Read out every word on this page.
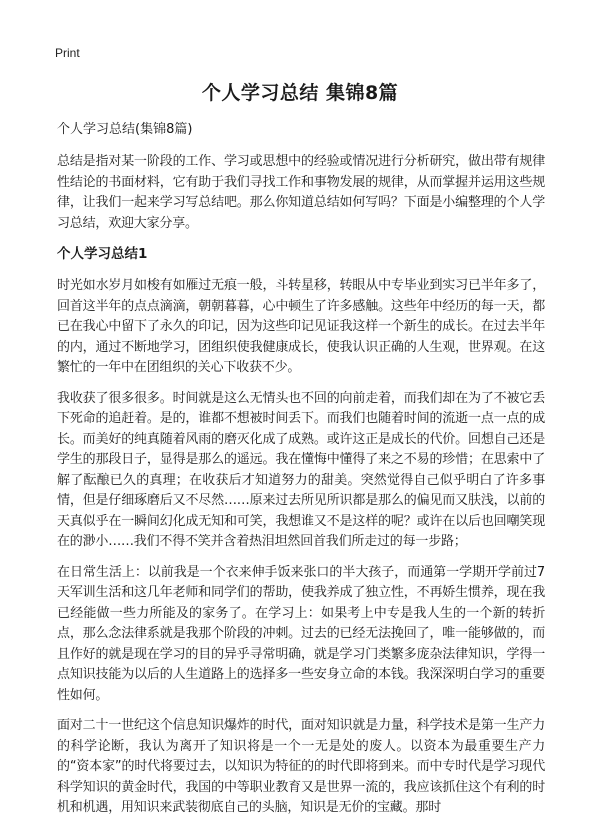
Print
个人学习总结 集锦8篇

个人学习总结(集锦8篇)

总结是指对某一阶段的工作、学习或思想中的经验或情况进行分析研究，做出带有规律性结论的书面材料，它有助于我们寻找工作和事物发展的规律，从而掌握并运用这些规律，让我们一起来学习写总结吧。那么你知道总结如何写吗？下面是小编整理的个人学习总结，欢迎大家分享。

个人学习总结1

时光如水岁月如梭有如雁过无痕一般，斗转星移，转眼从中专毕业到实习已半年多了，回首这半年的点点滴滴，朝朝暮暮，心中顿生了许多感触。这些年中经历的每一天，都已在我心中留下了永久的印记，因为这些印记见证我这样一个新生的成长。在过去半年的内，通过不断地学习，团组织使我健康成长，使我认识正确的人生观，世界观。在这繁忙的一年中在团组织的关心下收获不少。

我收获了很多很多。时间就是这么无情头也不回的向前走着，而我们却在为了不被它丢下死命的追赶着。是的，谁都不想被时间丢下。而我们也随着时间的流逝一点一点的成长。而美好的纯真随着风雨的磨灭化成了成熟。或许这正是成长的代价。回想自己还是学生的那段日子，显得是那么的遥远。我在懂悔中懂得了来之不易的珍惜；在思索中了解了酝酿已久的真理；在收获后才知道努力的甜美。突然觉得自己似乎明白了许多事情，但是仔细琢磨后又不尽然……原来过去所见所识都是那么的偏见而又肤浅，以前的天真似乎在一瞬间幻化成无知和可笑，我想谁又不是这样的呢？或许在以后也回嘲笑现在的渺小……我们不得不笑并含着热泪坦然回首我们所走过的每一步路；

在日常生活上：以前我是一个衣来伸手饭来张口的半大孩子，而通第一学期开学前过7天军训生活和这几年老师和同学们的帮助，使我养成了独立性，不再娇生惯养，现在我已经能做一些力所能及的家务了。在学习上：如果考上中专是我人生的一个新的转折点，那么念法律系就是我那个阶段的冲刺。过去的已经无法挽回了，唯一能够做的，而且作好的就是现在学习的目的异乎寻常明确，就是学习门类繁多庞杂法律知识，学得一点知识技能为以后的人生道路上的选择多一些安身立命的本钱。我深深明白学习的重要性如何。

面对二十一世纪这个信息知识爆炸的时代，面对知识就是力量，科学技术是第一生产力的科学论断，我认为离开了知识将是一个一无是处的废人。以资本为最重要生产力的“资本家”的时代将要过去，以知识为特征的的时代即将到来。而中专时代是学习现代科学知识的黄金时代，我国的中等职业教育又是世界一流的，我应该抓住这个有利的时机和机遇，用知识来武装彻底自己的头脑，知识是无价的宝藏。那时
